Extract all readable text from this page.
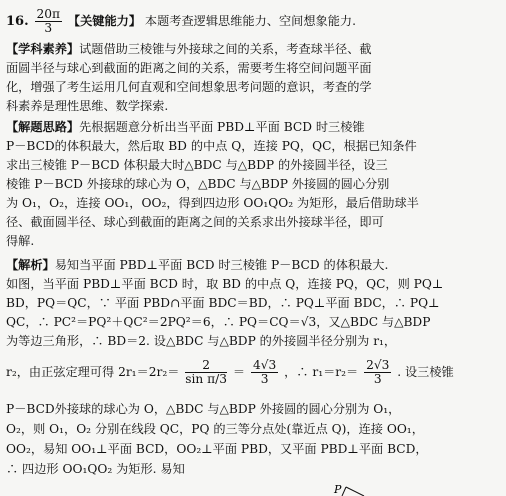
16. $\frac{20\pi}{3}$ 【关键能力】 本题考查逻辑思维能力、空间想象能力.
【学科素养】试题借助三棱锥与外接球之间的关系，考查球半径、截
面圆半径与球心到截面的距离之间的关系，需要考生将空间问题平面
化，增强了考生运用几何直观和空间想象思考问题的意识，考查的学
科素养是理性思维、数学探索.
【解题思路】先根据题意分析出当平面 PBD⊥平面 BCD 时三棱锥
P－BCD的体积最大，然后取 BD 的中点 Q，连接 PQ，QC，根据已知条件
求出三棱锥 P－BCD 体积最大时△BDC 与△BDP 的外接圆半径，设三
棱锥 P－BCD 外接球的球心为 O，△BDC 与△BDP 外接圆的圆心分别
为 O₁，O₂，连接 OO₁，OO₂，得到四边形 OO₁QO₂ 为矩形，最后借助球半
径、截面圆半径、球心到截面的距离之间的关系求出外接球半径，即可
得解.
【解析】易知当平面 PBD⊥平面 BCD 时三棱锥 P－BCD 的体积最大.
如图，当平面 PBD⊥平面 BCD 时，取 BD 的中点 Q，连接 PQ，QC，则 PQ⊥
BD，PQ＝QC，∵ 平面 PBD∩平面 BDC＝BD，∴ PQ⊥平面 BDC，∴ PQ⊥
QC，∴ PC²＝PQ²＋QC²＝2PQ²＝6，∴ PQ＝CQ＝√3，又△BDC 与△BDP
为等边三角形，∴ BD＝2. 设△BDC 与△BDP 的外接圆半径分别为 r₁，
r₂，由正弦定理可得 $2r_1=2r_2= \frac{2}{\text{sin π/3}} = \frac{4√3}{3}$ ，∴ $r_1=r_2= \frac{2√3}{3}$ . 设三棱锥
P－BCD外接球的球心为 O，△BDC 与△BDP 外接圆的圆心分别为 O₁，
O₂，则 O₁，O₂ 分别在线段 QC，PQ 的三等分点处(靠近点 Q)，连接 OO₁，
OO₂，易知 OO₁⊥平面 BCD，OO₂⊥平面 PBD，又平面 PBD⊥平面 BCD，
∴ 四边形 OO₁QO₂ 为矩形. 易知
P
